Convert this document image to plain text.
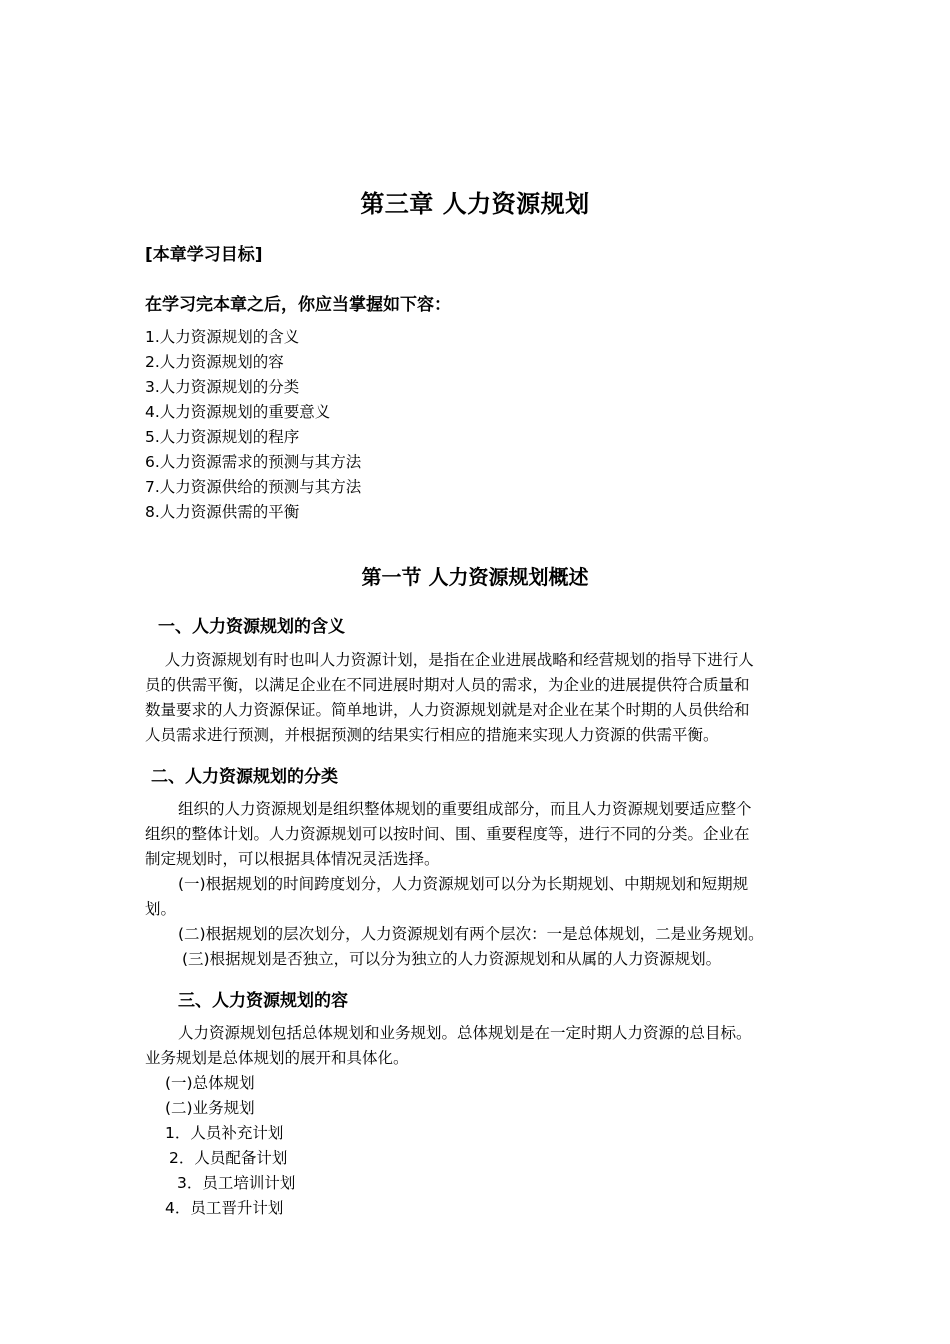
第三章 人力资源规划
[本章学习目标]
在学习完本章之后，你应当掌握如下容：
1.人力资源规划的含义
2.人力资源规划的容
3.人力资源规划的分类
4.人力资源规划的重要意义
5.人力资源规划的程序
6.人力资源需求的预测与其方法
7.人力资源供给的预测与其方法
8.人力资源供需的平衡
第一节 人力资源规划概述
一、人力资源规划的含义
人力资源规划有时也叫人力资源计划，是指在企业进展战略和经营规划的指导下进行人
员的供需平衡，以满足企业在不同进展时期对人员的需求，为企业的进展提供符合质量和
数量要求的人力资源保证。简单地讲，人力资源规划就是对企业在某个时期的人员供给和
人员需求进行预测，并根据预测的结果实行相应的措施来实现人力资源的供需平衡。
二、人力资源规划的分类
组织的人力资源规划是组织整体规划的重要组成部分，而且人力资源规划要适应整个
组织的整体计划。人力资源规划可以按时间、围、重要程度等，进行不同的分类。企业在
制定规划时，可以根据具体情况灵活选择。
(一)根据规划的时间跨度划分，人力资源规划可以分为长期规划、中期规划和短期规
划。
(二)根据规划的层次划分，人力资源规划有两个层次：一是总体规划，二是业务规划。
(三)根据规划是否独立，可以分为独立的人力资源规划和从属的人力资源规划。
三、人力资源规划的容
人力资源规划包括总体规划和业务规划。总体规划是在一定时期人力资源的总目标。
业务规划是总体规划的展开和具体化。
(一)总体规划
(二)业务规划
1．人员补充计划
2．人员配备计划
3．员工培训计划
4．员工晋升计划
